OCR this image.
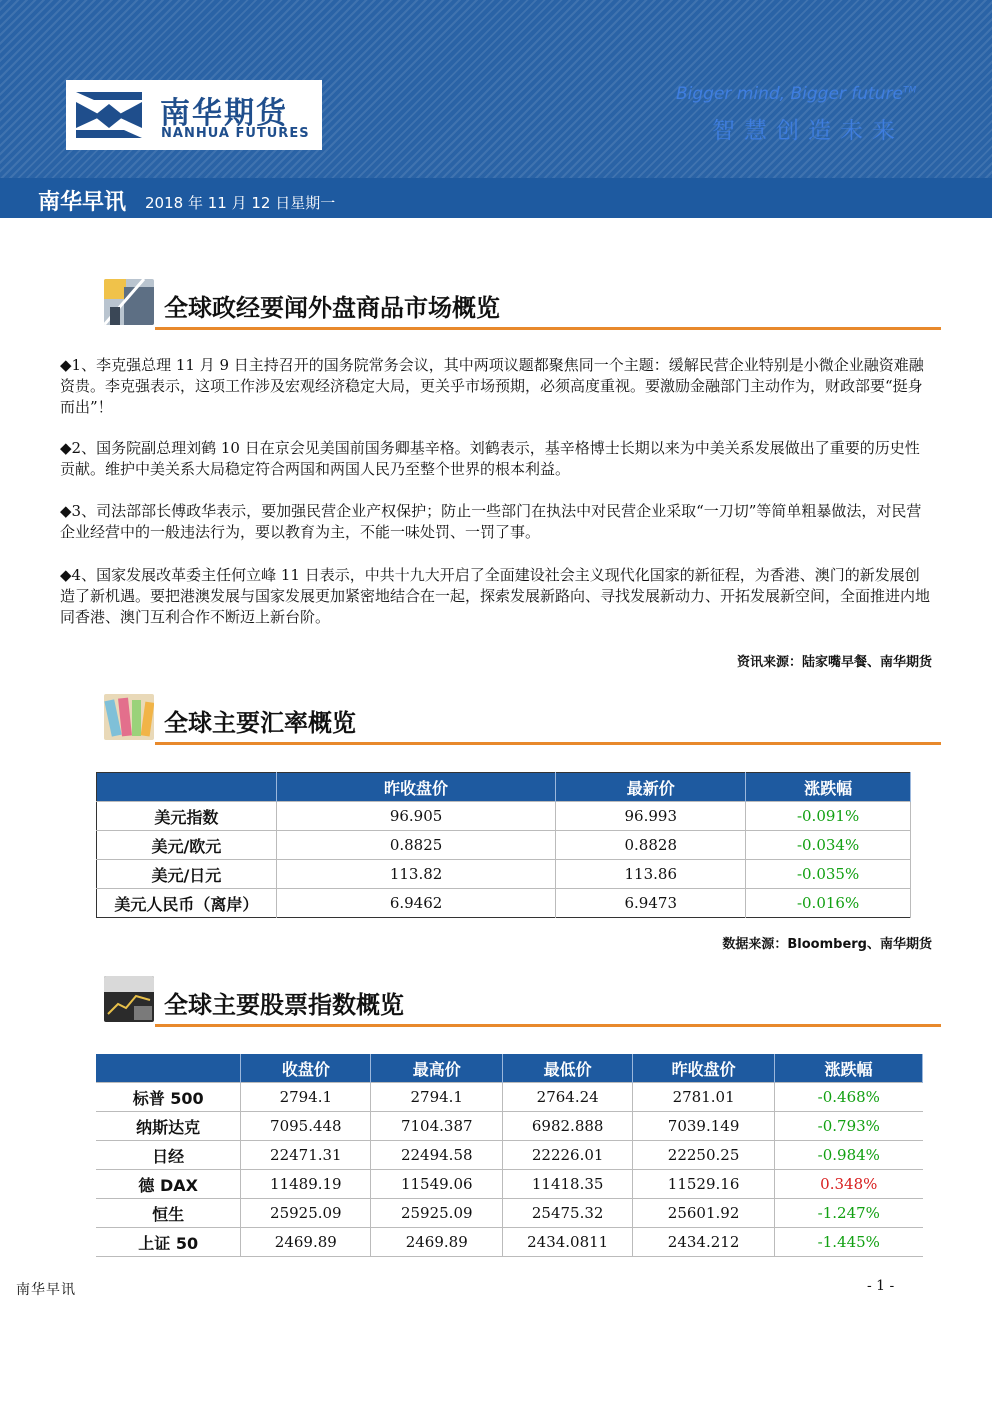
南华期货
NANHUA FUTURES
Bigger mind, Bigger future™
智慧创造未来
南华早讯 2018 年 11 月 12 日星期一
全球政经要闻外盘商品市场概览
◆1、李克强总理 11 月 9 日主持召开的国务院常务会议，其中两项议题都聚焦同一个主题：缓解民营企业特别是小微企业融资难融资贵。李克强表示，这项工作涉及宏观经济稳定大局，更关乎市场预期，必须高度重视。要激励金融部门主动作为，财政部要“挺身而出”！
◆2、国务院副总理刘鹤 10 日在京会见美国前国务卿基辛格。刘鹤表示，基辛格博士长期以来为中美关系发展做出了重要的历史性贡献。维护中美关系大局稳定符合两国和两国人民乃至整个世界的根本利益。
◆3、司法部部长傅政华表示，要加强民营企业产权保护；防止一些部门在执法中对民营企业采取“一刀切”等简单粗暴做法，对民营企业经营中的一般违法行为，要以教育为主，不能一味处罚、一罚了事。
◆4、国家发展改革委主任何立峰 11 日表示，中共十九大开启了全面建设社会主义现代化国家的新征程，为香港、澳门的新发展创造了新机遇。要把港澳发展与国家发展更加紧密地结合在一起，探索发展新路向、寻找发展新动力、开拓发展新空间，全面推进内地同香港、澳门互利合作不断迈上新台阶。
资讯来源：陆家嘴早餐、南华期货
全球主要汇率概览
	昨收盘价	最新价	涨跌幅
美元指数	96.905	96.993	-0.091%
美元/欧元	0.8825	0.8828	-0.034%
美元/日元	113.82	113.86	-0.035%
美元人民币（离岸）	6.9462	6.9473	-0.016%
数据来源：Bloomberg、南华期货
全球主要股票指数概览
	收盘价	最高价	最低价	昨收盘价	涨跌幅
标普 500	2794.1	2794.1	2764.24	2781.01	-0.468%
纳斯达克	7095.448	7104.387	6982.888	7039.149	-0.793%
日经	22471.31	22494.58	22226.01	22250.25	-0.984%
德 DAX	11489.19	11549.06	11418.35	11529.16	0.348%
恒生	25925.09	25925.09	25475.32	25601.92	-1.247%
上证 50	2469.89	2469.89	2434.0811	2434.212	-1.445%
南华早讯	- 1 -
